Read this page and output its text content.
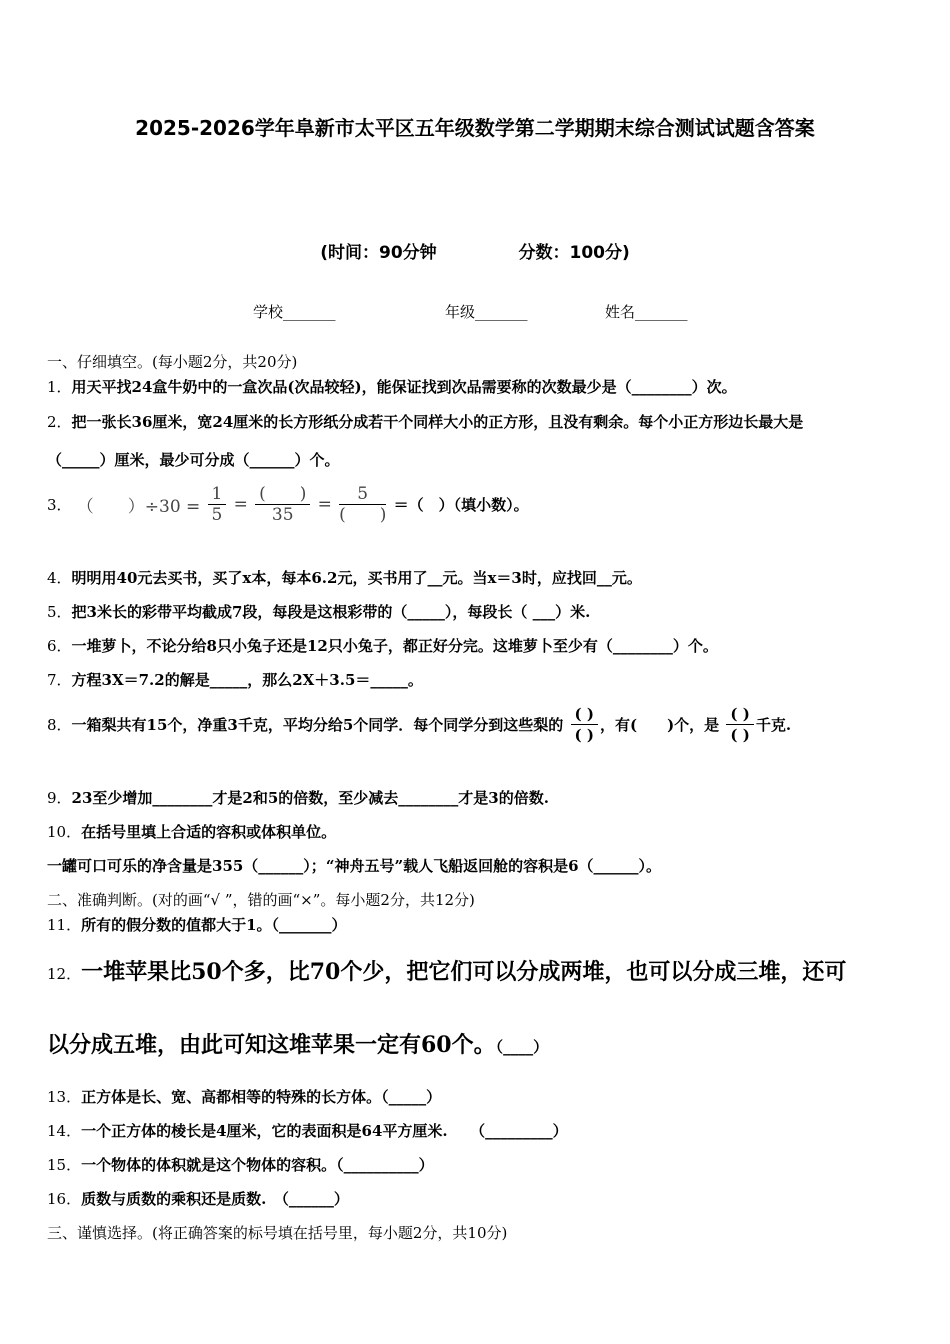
2025-2026学年阜新市太平区五年级数学第二学期期末综合测试试题含答案
(时间：90分钟	分数：100分)
学校_______	年级_______	姓名_______
一、仔细填空。(每小题2分，共20分)
1．用天平找24盒牛奶中的一盒次品(次品较轻)，能保证找到次品需要称的次数最少是（________）次。
2．把一张长36厘米，宽24厘米的长方形纸分成若干个同样大小的正方形，且没有剩余。每个小正方形边长最大是
（_____）厘米，最少可分成（______）个。
3． （　　）$\div 30 = \frac{1}{5} = \frac{( )}{35} = \frac{5}{( )}$ ＝（　）（填小数）。
4．明明用40元去买书，买了x本，每本6.2元，买书用了__元。当x＝3时，应找回__元。
5．把3米长的彩带平均截成7段，每段是这根彩带的（_____），每段长（ ___）米.
6．一堆萝卜，不论分给8只小兔子还是12只小兔子，都正好分完。这堆萝卜至少有（________）个。
7．方程3X＝7.2的解是_____，那么2X＋3.5＝_____。
8．一箱梨共有15个，净重3千克，平均分给5个同学．每个同学分到这些梨的 $\frac{( )}{( )}$ ，有(　　)个，是 $\frac{( )}{( )}$ 千克.
9．23至少增加________才是2和5的倍数，至少减去________才是3的倍数.
10．在括号里填上合适的容积或体积单位。
一罐可口可乐的净含量是355（______）；“神舟五号”载人飞船返回舱的容积是6（______）。
二、准确判断。(对的画“√ ”，错的画“×”。每小题2分，共12分)
11．所有的假分数的值都大于1。（_______）
12．一堆苹果比50个多，比70个少，把它们可以分成两堆，也可以分成三堆，还可
以分成五堆，由此可知这堆苹果一定有60个。（____）
13．正方体是长、宽、高都相等的特殊的长方体。（_____）
14．一个正方体的棱长是4厘米，它的表面积是64平方厘米.　　（_________）
15．一个物体的体积就是这个物体的容积。（__________）
16．质数与质数的乘积还是质数.　（______）
三、谨慎选择。(将正确答案的标号填在括号里，每小题2分，共10分)
